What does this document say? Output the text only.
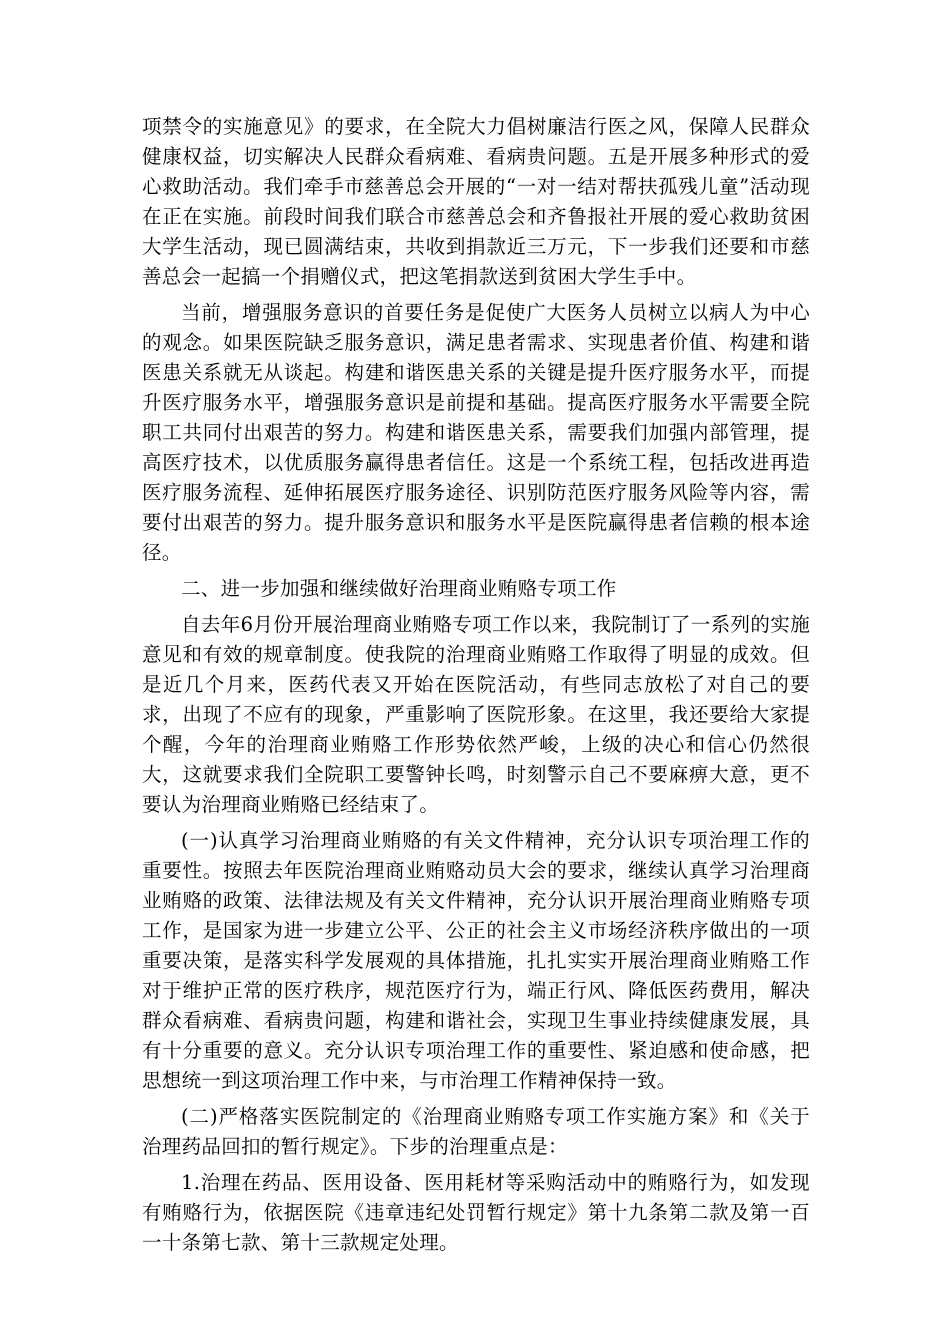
项禁令的实施意见》的要求，在全院大力倡树廉洁行医之风，保障人民群众健康权益，切实解决人民群众看病难、看病贵问题。五是开展多种形式的爱心救助活动。我们牵手市慈善总会开展的“一对一结对帮扶孤残儿童”活动现在正在实施。前段时间我们联合市慈善总会和齐鲁报社开展的爱心救助贫困大学生活动，现已圆满结束，共收到捐款近三万元，下一步我们还要和市慈善总会一起搞一个捐赠仪式，把这笔捐款送到贫困大学生手中。

当前，增强服务意识的首要任务是促使广大医务人员树立以病人为中心的观念。如果医院缺乏服务意识，满足患者需求、实现患者价值、构建和谐医患关系就无从谈起。构建和谐医患关系的关键是提升医疗服务水平，而提升医疗服务水平，增强服务意识是前提和基础。提高医疗服务水平需要全院职工共同付出艰苦的努力。构建和谐医患关系，需要我们加强内部管理，提高医疗技术，以优质服务赢得患者信任。这是一个系统工程，包括改进再造医疗服务流程、延伸拓展医疗服务途径、识别防范医疗服务风险等内容，需要付出艰苦的努力。提升服务意识和服务水平是医院赢得患者信赖的根本途径。

二、进一步加强和继续做好治理商业贿赂专项工作

自去年6月份开展治理商业贿赂专项工作以来，我院制订了一系列的实施意见和有效的规章制度。使我院的治理商业贿赂工作取得了明显的成效。但是近几个月来，医药代表又开始在医院活动，有些同志放松了对自己的要求，出现了不应有的现象，严重影响了医院形象。在这里，我还要给大家提个醒，今年的治理商业贿赂工作形势依然严峻，上级的决心和信心仍然很大，这就要求我们全院职工要警钟长鸣，时刻警示自己不要麻痹大意，更不要认为治理商业贿赂已经结束了。

(一)认真学习治理商业贿赂的有关文件精神，充分认识专项治理工作的重要性。按照去年医院治理商业贿赂动员大会的要求，继续认真学习治理商业贿赂的政策、法律法规及有关文件精神，充分认识开展治理商业贿赂专项工作，是国家为进一步建立公平、公正的社会主义市场经济秩序做出的一项重要决策，是落实科学发展观的具体措施，扎扎实实开展治理商业贿赂工作对于维护正常的医疗秩序，规范医疗行为，端正行风、降低医药费用，解决群众看病难、看病贵问题，构建和谐社会，实现卫生事业持续健康发展，具有十分重要的意义。充分认识专项治理工作的重要性、紧迫感和使命感，把思想统一到这项治理工作中来，与市治理工作精神保持一致。

(二)严格落实医院制定的《治理商业贿赂专项工作实施方案》和《关于治理药品回扣的暂行规定》。下步的治理重点是：

1.治理在药品、医用设备、医用耗材等采购活动中的贿赂行为，如发现有贿赂行为，依据医院《违章违纪处罚暂行规定》第十九条第二款及第一百一十条第七款、第十三款规定处理。
